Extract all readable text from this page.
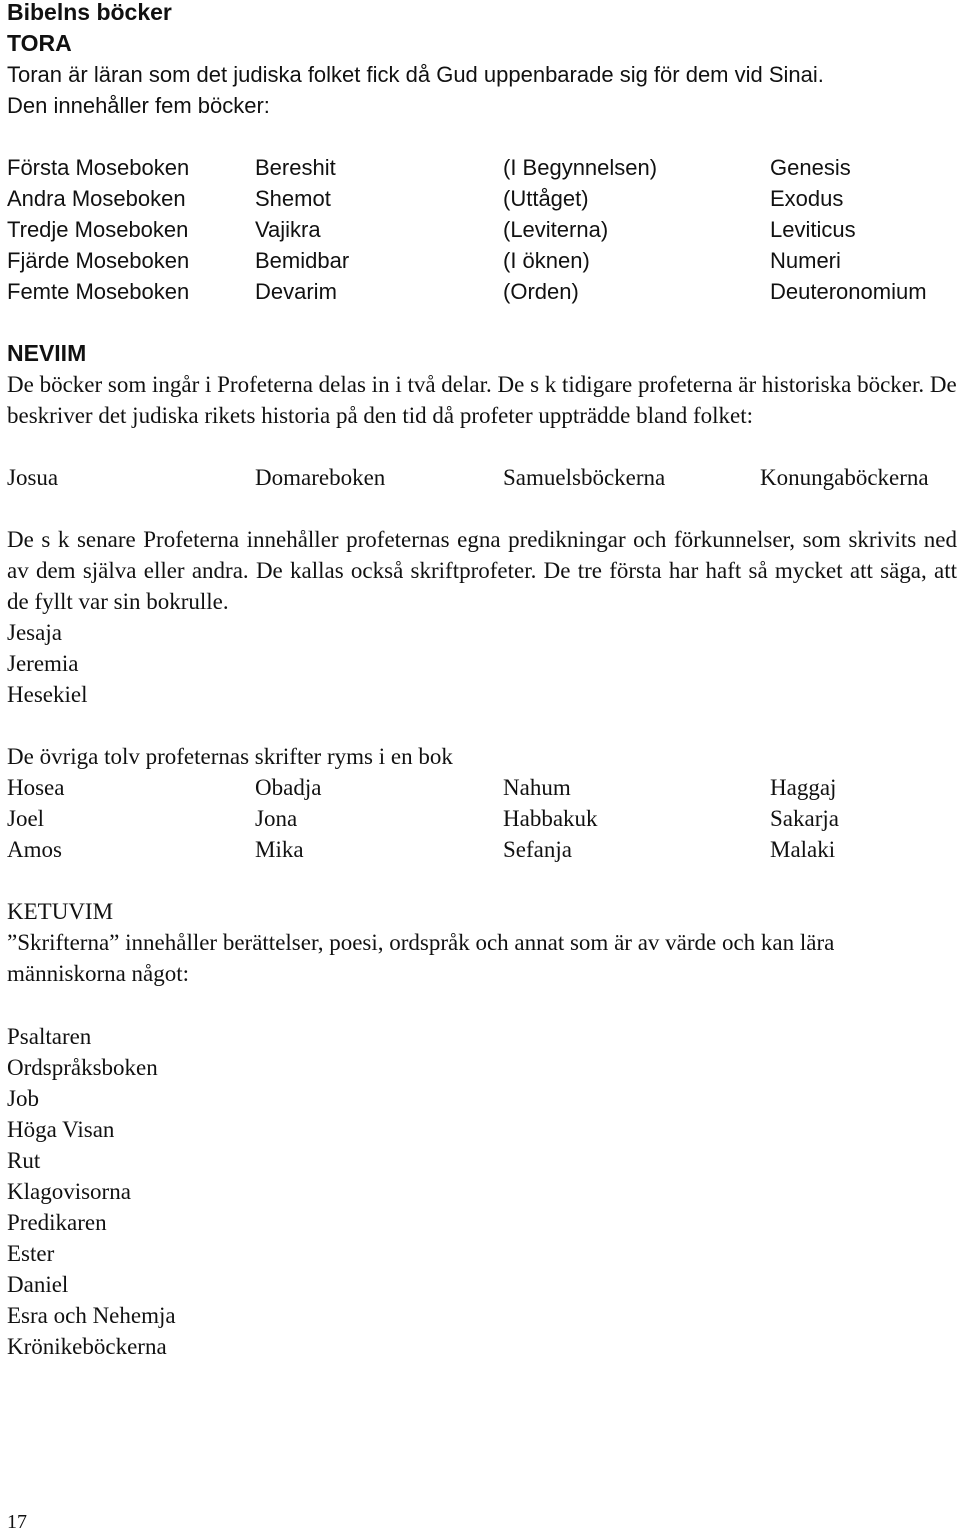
Bibelns böcker
TORA
Toran är läran som det judiska folket fick då Gud uppenbarade sig för dem vid Sinai.
Den innehåller fem böcker:
Första Moseboken	Bereshit	(I Begynnelsen)	Genesis
Andra Moseboken	Shemot	(Uttåget)	Exodus
Tredje Moseboken	Vajikra	(Leviterna)	Leviticus
Fjärde Moseboken	Bemidbar	(I öknen)	Numeri
Femte Moseboken	Devarim	(Orden)	Deuteronomium
NEVIIM
De böcker som ingår i Profeterna delas in i två delar. De s k tidigare profeterna är historiska böcker. De beskriver det judiska rikets historia på den tid då profeter uppträdde bland folket:
Josua	Domareboken	Samuelsböckerna	Konungaböckerna
De s k senare Profeterna innehåller profeternas egna predikningar och förkunnelser, som skrivits ned av dem själva eller andra. De kallas också skriftprofeter. De tre första har haft så mycket att säga, att de fyllt var sin bokrulle.
Jesaja
Jeremia
Hesekiel
De övriga tolv profeternas skrifter ryms i en bok
Hosea	Obadja	Nahum	Haggaj
Joel	Jona	Habbakuk	Sakarja
Amos	Mika	Sefanja	Malaki
KETUVIM
”Skrifterna” innehåller berättelser, poesi, ordspråk och annat som är av värde och kan lära människorna något:
Psaltaren
Ordspråksboken
Job
Höga Visan
Rut
Klagovisorna
Predikaren
Ester
Daniel
Esra och Nehemja
Krönikeböckerna
17
